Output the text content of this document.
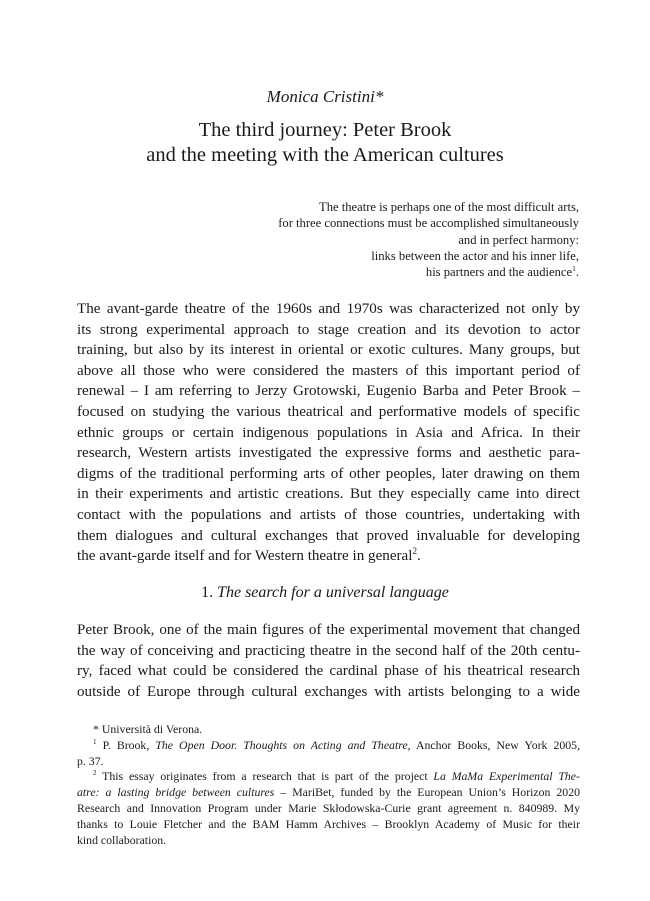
Monica Cristini*
The third journey: Peter Brook
and the meeting with the American cultures
The theatre is perhaps one of the most difficult arts,
for three connections must be accomplished simultaneously
and in perfect harmony:
links between the actor and his inner life,
his partners and the audience$^1$.
The avant-garde theatre of the 1960s and 1970s was characterized not only by
its strong experimental approach to stage creation and its devotion to actor
training, but also by its interest in oriental or exotic cultures. Many groups, but
above all those who were considered the masters of this important period of
renewal – I am referring to Jerzy Grotowski, Eugenio Barba and Peter Brook –
focused on studying the various theatrical and performative models of specific
ethnic groups or certain indigenous populations in Asia and Africa. In their
research, Western artists investigated the expressive forms and aesthetic para-
digms of the traditional performing arts of other peoples, later drawing on them
in their experiments and artistic creations. But they especially came into direct
contact with the populations and artists of those countries, undertaking with
them dialogues and cultural exchanges that proved invaluable for developing
the avant-garde itself and for Western theatre in general$^2$.
1. The search for a universal language
Peter Brook, one of the main figures of the experimental movement that changed
the way of conceiving and practicing theatre in the second half of the 20th centu-
ry, faced what could be considered the cardinal phase of his theatrical research
outside of Europe through cultural exchanges with artists belonging to a wide
* Università di Verona.
$^1$ P. Brook, The Open Door. Thoughts on Acting and Theatre, Anchor Books, New York 2005,
p. 37.
$^2$ This essay originates from a research that is part of the project La MaMa Experimental The-
atre: a lasting bridge between cultures – MariBet, funded by the European Union’s Horizon 2020
Research and Innovation Program under Marie Skłodowska-Curie grant agreement n. 840989. My
thanks to Louie Fletcher and the BAM Hamm Archives – Brooklyn Academy of Music for their
kind collaboration.
